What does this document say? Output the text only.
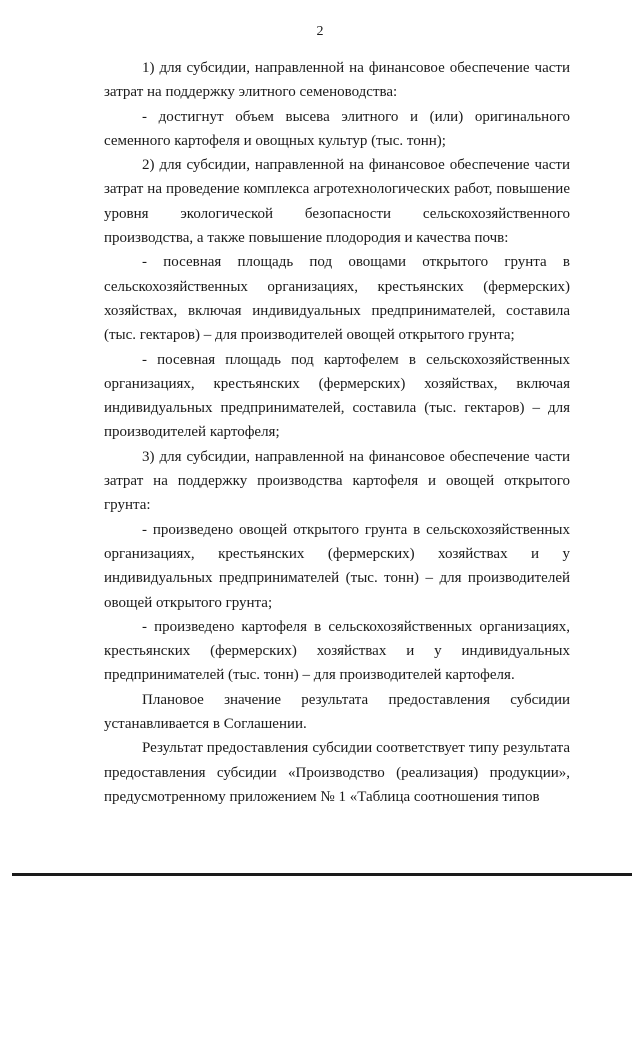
2

1) для субсидии, направленной на финансовое обеспечение части затрат на поддержку элитного семеноводства:

- достигнут объем высева элитного и (или) оригинального семенного картофеля и овощных культур (тыс. тонн);

2) для субсидии, направленной на финансовое обеспечение части затрат на проведение комплекса агротехнологических работ, повышение уровня экологической безопасности сельскохозяйственного производства, а также повышение плодородия и качества почв:

- посевная площадь под овощами открытого грунта в сельскохозяйственных организациях, крестьянских (фермерских) хозяйствах, включая индивидуальных предпринимателей, составила (тыс. гектаров) – для производителей овощей открытого грунта;

- посевная площадь под картофелем в сельскохозяйственных организациях, крестьянских (фермерских) хозяйствах, включая индивидуальных предпринимателей, составила (тыс. гектаров) – для производителей картофеля;

3) для субсидии, направленной на финансовое обеспечение части затрат на поддержку производства картофеля и овощей открытого грунта:

- произведено овощей открытого грунта в сельскохозяйственных организациях, крестьянских (фермерских) хозяйствах и у индивидуальных предпринимателей (тыс. тонн) – для производителей овощей открытого грунта;

- произведено картофеля в сельскохозяйственных организациях, крестьянских (фермерских) хозяйствах и у индивидуальных предпринимателей (тыс. тонн) – для производителей картофеля.

Плановое значение результата предоставления субсидии устанавливается в Соглашении.

Результат предоставления субсидии соответствует типу результата предоставления субсидии «Производство (реализация) продукции», предусмотренному приложением № 1 «Таблица соотношения типов
